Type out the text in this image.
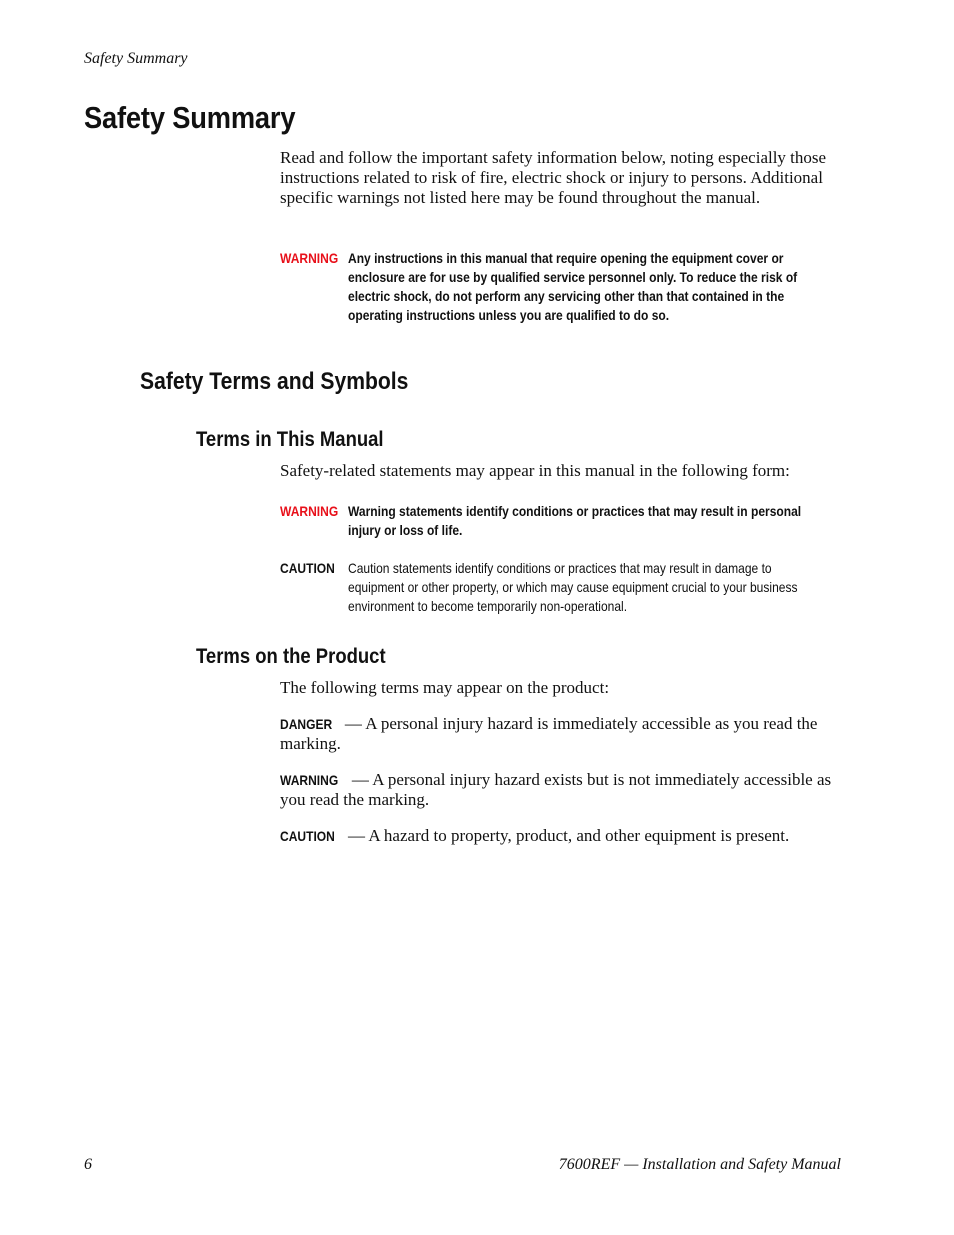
Safety Summary
Safety Summary

Read and follow the important safety information below, noting especially those instructions related to risk of fire, electric shock or injury to persons. Additional specific warnings not listed here may be found throughout the manual.

WARNING Any instructions in this manual that require opening the equipment cover or enclosure are for use by qualified service personnel only. To reduce the risk of electric shock, do not perform any servicing other than that contained in the operating instructions unless you are qualified to do so.
Safety Terms and Symbols
Terms in This Manual

Safety-related statements may appear in this manual in the following form:

WARNING Warning statements identify conditions or practices that may result in personal injury or loss of life.
CAUTION Caution statements identify conditions or practices that may result in damage to equipment or other property, or which may cause equipment crucial to your business environment to become temporarily non-operational.
Terms on the Product

The following terms may appear on the product:

DANGER — A personal injury hazard is immediately accessible as you read the marking.

WARNING — A personal injury hazard exists but is not immediately accessible as you read the marking.

CAUTION — A hazard to property, product, and other equipment is present.

6	7600REF — Installation and Safety Manual
